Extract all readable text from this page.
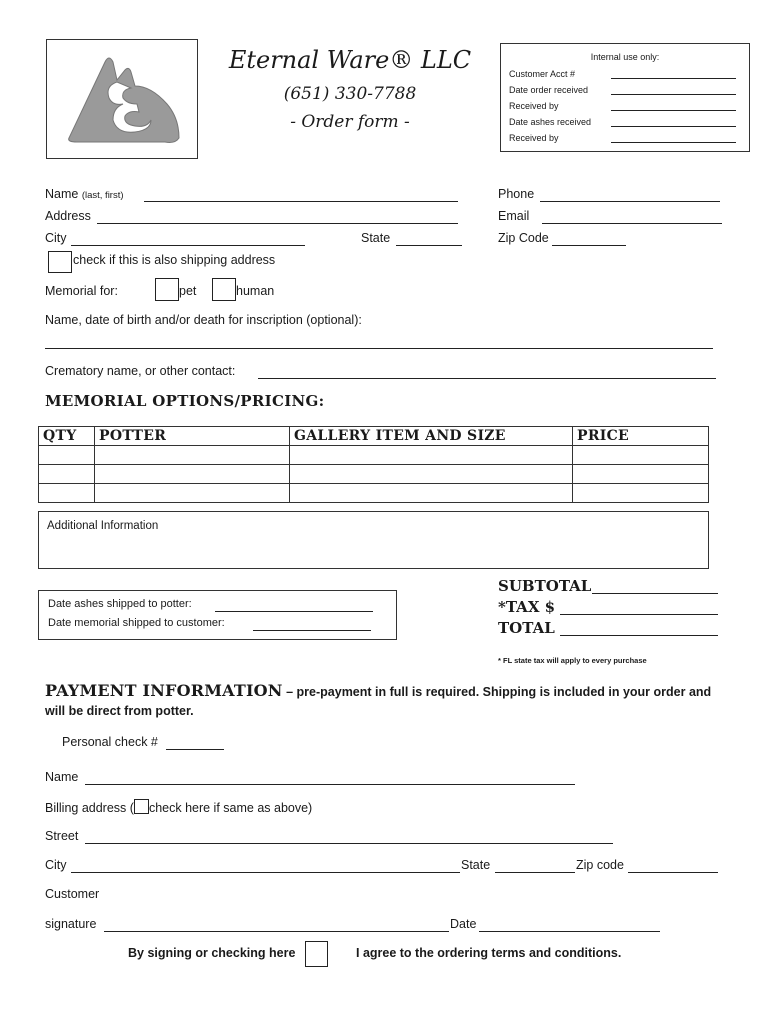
Eternal Ware® LLC
(651) 330-7788
- Order form -
Internal use only:
Customer Acct #
Date order received
Received by
Date ashes received
Received by
Name (last, first)	Phone
Address	Email
City	State	Zip Code
check if this is also shipping address
Memorial for:	pet	human
Name, date of birth and/or death for inscription (optional):
Crematory name, or other contact:
MEMORIAL OPTIONS/PRICING:
QTY	POTTER	GALLERY ITEM AND SIZE	PRICE

Additional Information
Date ashes shipped to potter:
Date memorial shipped to customer:
SUBTOTAL
*TAX $
TOTAL
* FL state tax will apply to every purchase
PAYMENT INFORMATION – pre-payment in full is required. Shipping is included in your order and will be direct from potter.
Personal check #
Name
Billing address ( check here if same as above)
Street
City	State	Zip code
Customer
signature	Date
By signing or checking here	I agree to the ordering terms and conditions.
